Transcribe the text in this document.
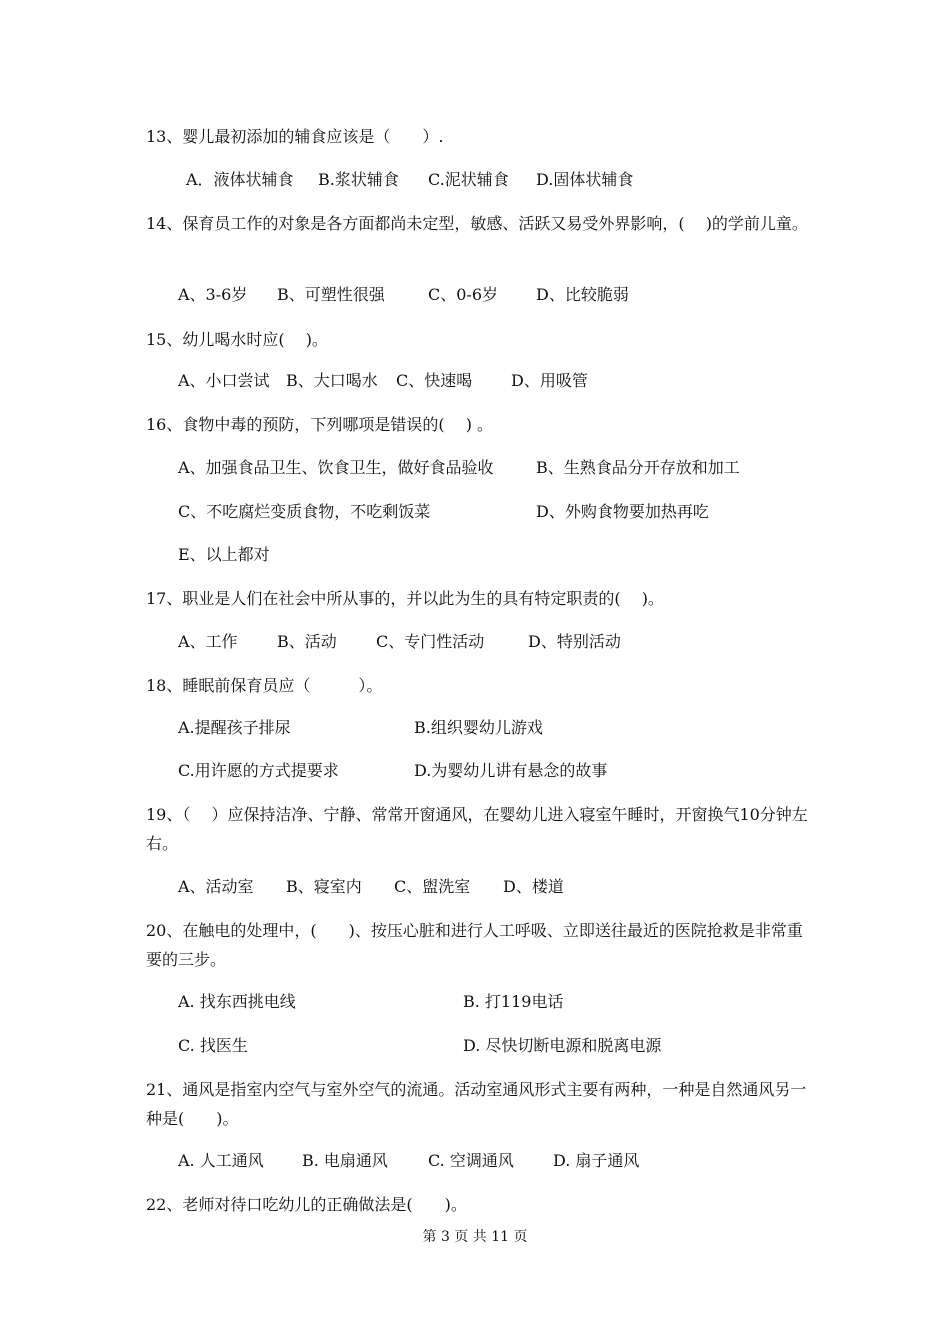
13、婴儿最初添加的辅食应该是（　　）.

A．液体状辅食

B.浆状辅食

C.泥状辅食

D.固体状辅食

14、保育员工作的对象是各方面都尚未定型，敏感、活跃又易受外界影响，(　 )的学前儿童。

A、3-6岁

B、可塑性很强

	C、0-6岁

D、比较脆弱

15、幼儿喝水时应(　 )。

A、小口尝试

B、大口喝水

C、快速喝

D、用吸管

16、食物中毒的预防，下列哪项是错误的(　 ) 。

A、加强食品卫生、饮食卫生，做好食品验收

	B、生熟食品分开存放和加工

C、不吃腐烂变质食物，不吃剩饭菜

	D、外购食物要加热再吃

E、以上都对

17、职业是人们在社会中所从事的，并以此为生的具有特定职责的(　 )。

A、工作

B、活动

C、专门性活动

	D、特别活动

18、睡眠前保育员应（　　　）。

A.提醒孩子排尿

	B.组织婴幼儿游戏

C.用许愿的方式提要求

	D.为婴幼儿讲有悬念的故事

19、（　 ）应保持洁净、宁静、常常开窗通风，在婴幼儿进入寝室午睡时，开窗换气10分钟左右。

A、活动室

B、寝室内

C、盥洗室

D、楼道

20、在触电的处理中，(　　)、按压心脏和进行人工呼吸、立即送往最近的医院抢救是非常重要的三步。

A. 找东西挑电线

	B. 打119电话

C. 找医生

	D. 尽快切断电源和脱离电源

21、通风是指室内空气与室外空气的流通。活动室通风形式主要有两种，一种是自然通风另一种是(　　)。

A. 人工通风

B. 电扇通风

	C. 空调通风

D. 扇子通风

22、老师对待口吃幼儿的正确做法是(　　)。
第 3 页 共 11 页
